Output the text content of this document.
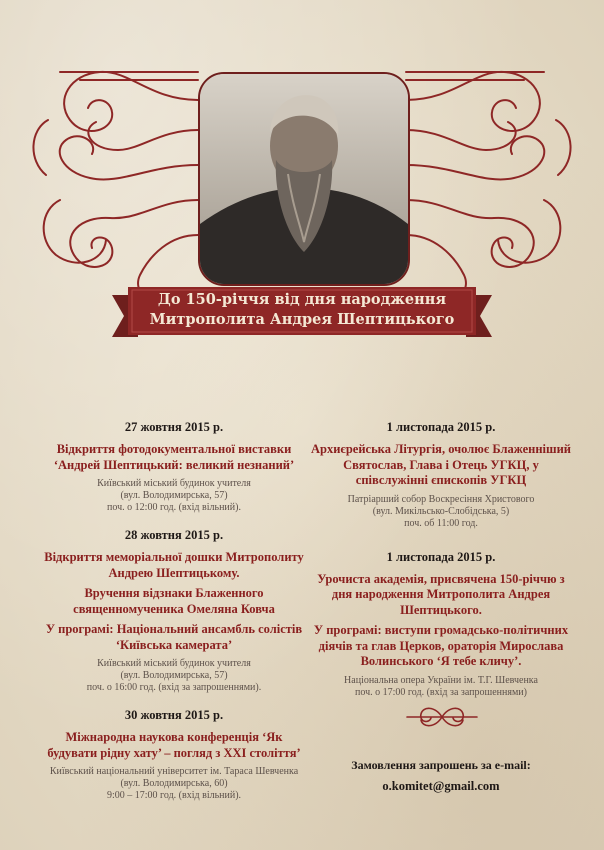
До 150-річчя від дня народження
Митрополита Андрея Шептицького

27 жовтня 2015 р.

Відкриття фотодокументальної виставки ‘Андрей Шептицький: великий незнаний’

Київський міський будинок учителя

(вул. Володимирська, 57)

поч. о 12:00 год. (вхід вільний).

28 жовтня 2015 р.

Відкриття меморіальної дошки Митрополиту Андрею Шептицькому.

Вручення відзнаки Блаженного священномученика Омеляна Ковча

У програмі: Національний ансамбль солістів ‘Київська камерата’

Київський міський будинок учителя

(вул. Володимирська, 57)

поч. о 16:00 год. (вхід за запрошеннями).

30 жовтня 2015 р.

Міжнародна наукова конференція ‘Як будувати рідну хату’ – погляд з XXI століття’

Київський національний університет ім. Тараса Шевченка

(вул. Володимирська, 60)

9:00 – 17:00 год. (вхід вільний).

1 листопада 2015 р.

Архиєрейська Літургія, очолює Блаженніший Святослав, Глава і Отець УГКЦ, у співслужінні єпископів УГКЦ

Патріарший собор Воскресіння Христового

(вул. Микільсько-Слобідська, 5)

поч. об 11:00 год.

1 листопада 2015 р.

Урочиста академія, присвячена 150-річчю з дня народження Митрополита Андрея Шептицького.

У програмі: виступи громадсько-політичних діячів та глав Церков, ораторія Мирослава Волинського ‘Я тебе кличу’.

Національна опера України ім. Т.Г. Шевченка

поч. о 17:00 год. (вхід за запрошеннями)

Замовлення запрошень за e-mail:

o.komitet@gmail.com
